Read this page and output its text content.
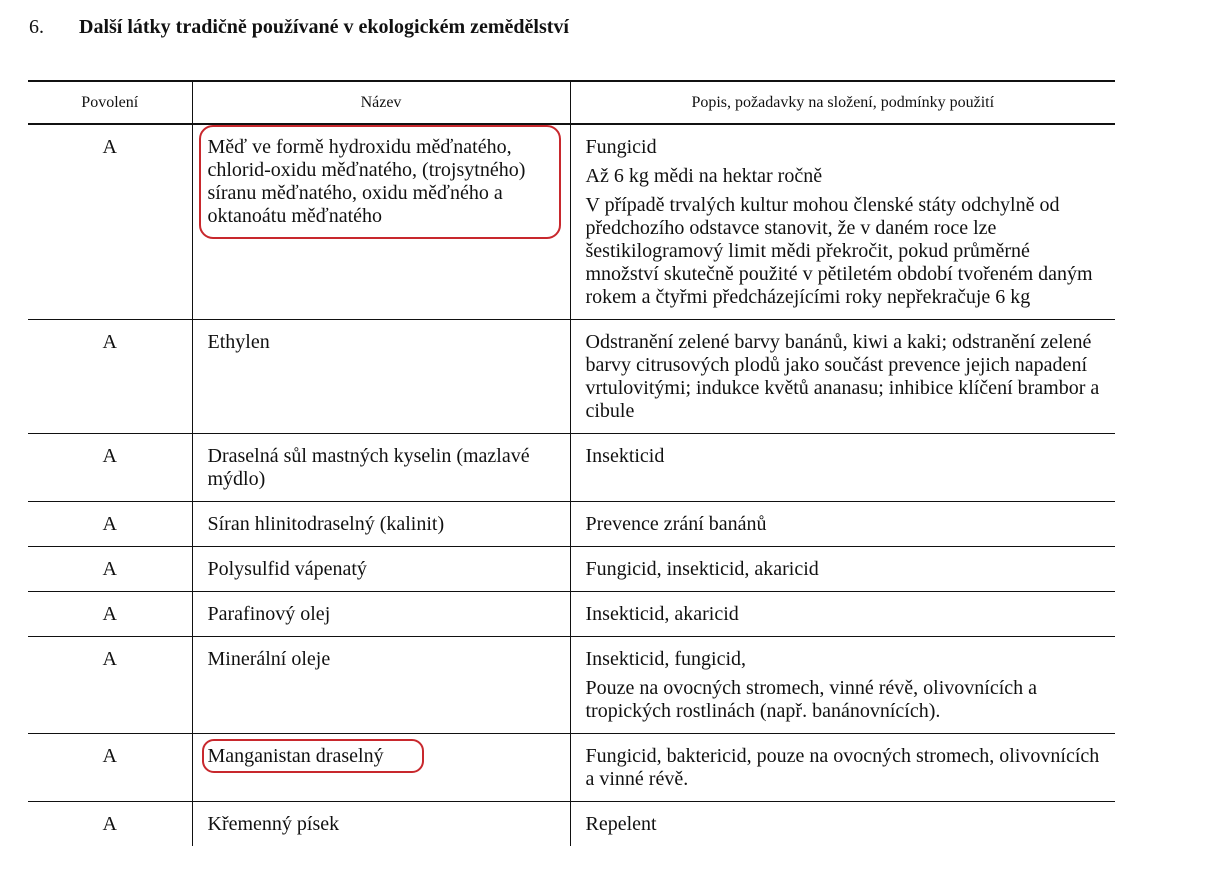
6. Další látky tradičně používané v ekologickém zemědělství
Povolení	Název	Popis, požadavky na složení, podmínky použití
A	Měď ve formě hydroxidu měďnatého, chlorid-oxidu měďnatého, (trojsytného) síranu měďnatého, oxidu měďného a oktanoátu měďnatého	Fungicid

Až 6 kg mědi na hektar ročně

V případě trvalých kultur mohou členské státy odchylně od předchozího odstavce stanovit, že v daném roce lze šestikilogramový limit mědi překročit, pokud průměrné množství skutečně použité v pětiletém období tvořeném daným rokem a čtyřmi předcházejícími roky nepřekračuje 6 kg

A	Ethylen	Odstranění zelené barvy banánů, kiwi a kaki; odstranění zelené barvy citrusových plodů jako součást prevence jejich napadení vrtulovitými; indukce květů ananasu; inhibice klíčení brambor a cibule

A	Draselná sůl mastných kyselin (mazlavé mýdlo)	Insekticid

A	Síran hlinitodraselný (kalinit)	Prevence zrání banánů

A	Polysulfid vápenatý	Fungicid, insekticid, akaricid

A	Parafinový olej	Insekticid, akaricid

A	Minerální oleje	Insekticid, fungicid,

Pouze na ovocných stromech, vinné révě, olivovnících a tropických rostlinách (např. banánovnících).

A	Manganistan draselný	Fungicid, baktericid, pouze na ovocných stromech, olivovnících a vinné révě.

A	Křemenný písek	Repelent
